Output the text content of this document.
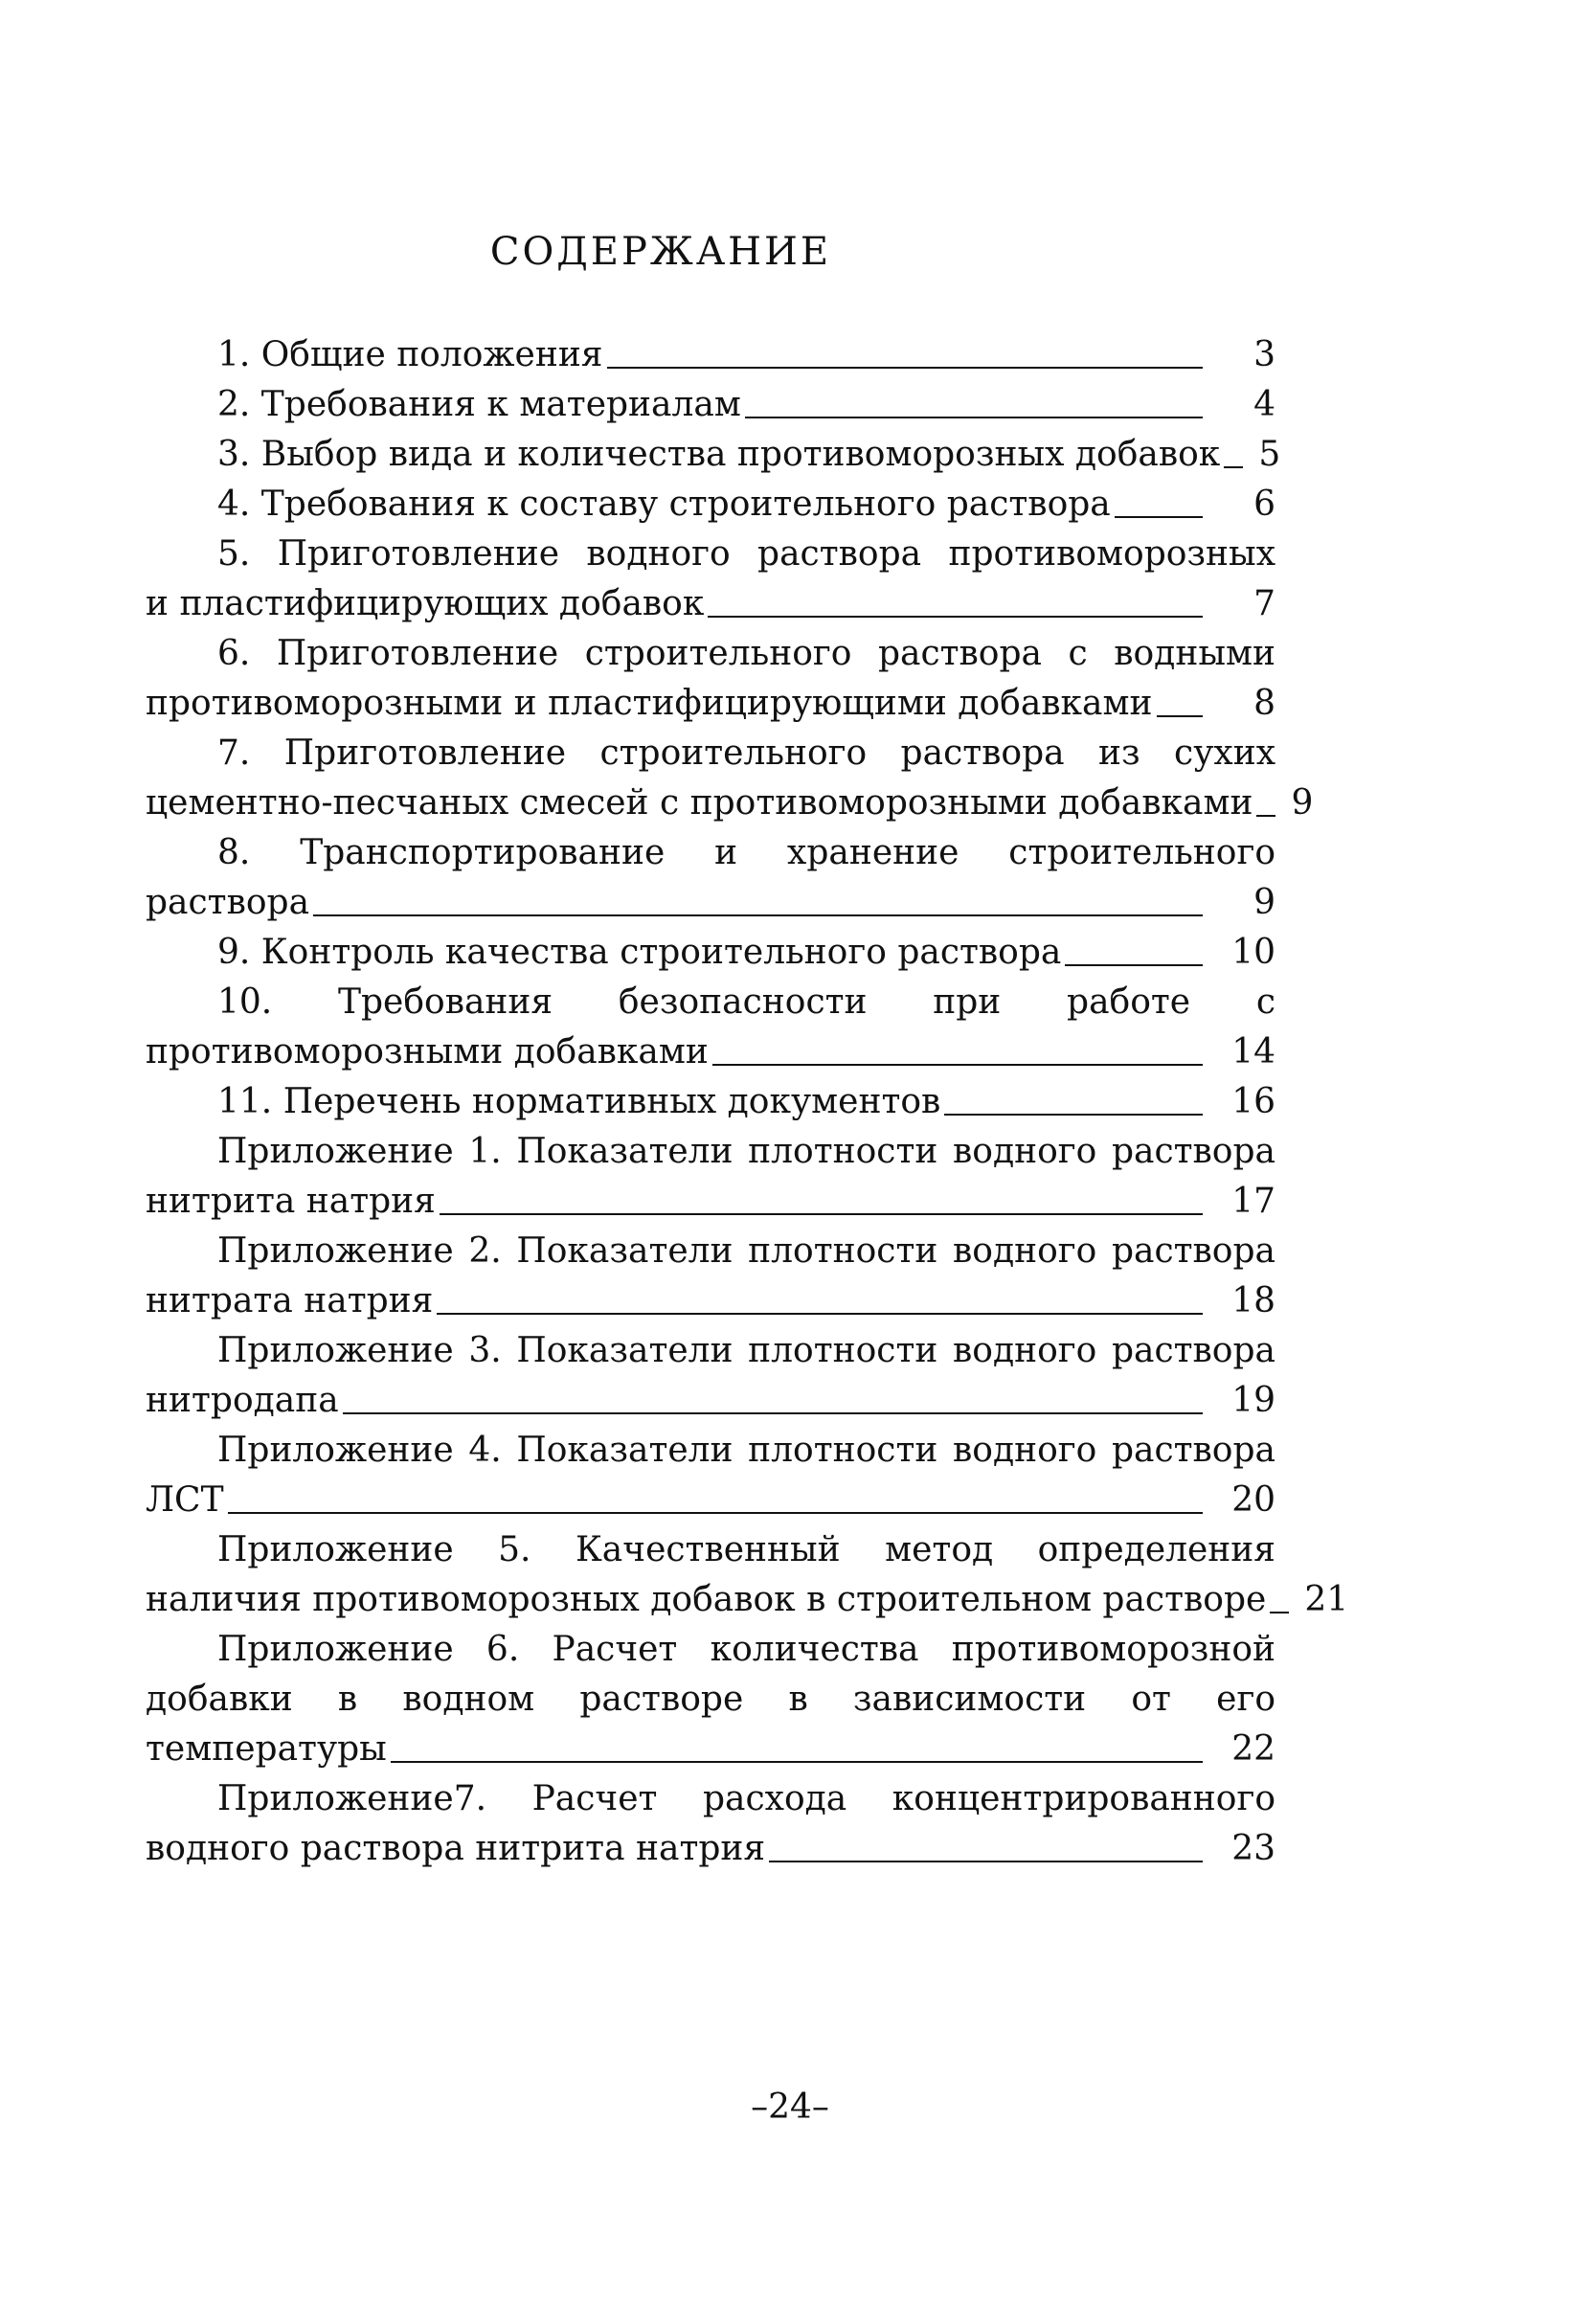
СОДЕРЖАНИЕ
1. Общие положения	3
2. Требования к материалам	4
3. Выбор вида и количества противоморозных добавок 5
4. Требования к составу строительного раствора	6
5. Приготовление водного раствора противоморозных
и пластифицирующих добавок	7
6. Приготовление строительного раствора с водными
противоморозными и пластифицирующими добавками	8
7. Приготовление строительного раствора из сухих
цементно-песчаных смесей с противоморозными добавками 9
8. Транспортирование и хранение строительного
раствора	9
9. Контроль качества строительного раствора	10
10. Требования безопасности при работе с
противоморозными добавками	14
11. Перечень нормативных документов	16
Приложение 1. Показатели плотности водного раствора
нитрита натрия	17
Приложение 2. Показатели плотности водного раствора
нитрата натрия	18
Приложение 3. Показатели плотности водного раствора
нитродапа	19
Приложение 4. Показатели плотности водного раствора
ЛСТ	20
Приложение 5. Качественный метод определения
наличия противоморозных добавок в строительном растворе 21
Приложение 6. Расчет количества противоморозной
добавки в водном растворе в зависимости от его
температуры	22
Приложение7. Расчет расхода концентрированного
водного раствора нитрита натрия	23
–24–
